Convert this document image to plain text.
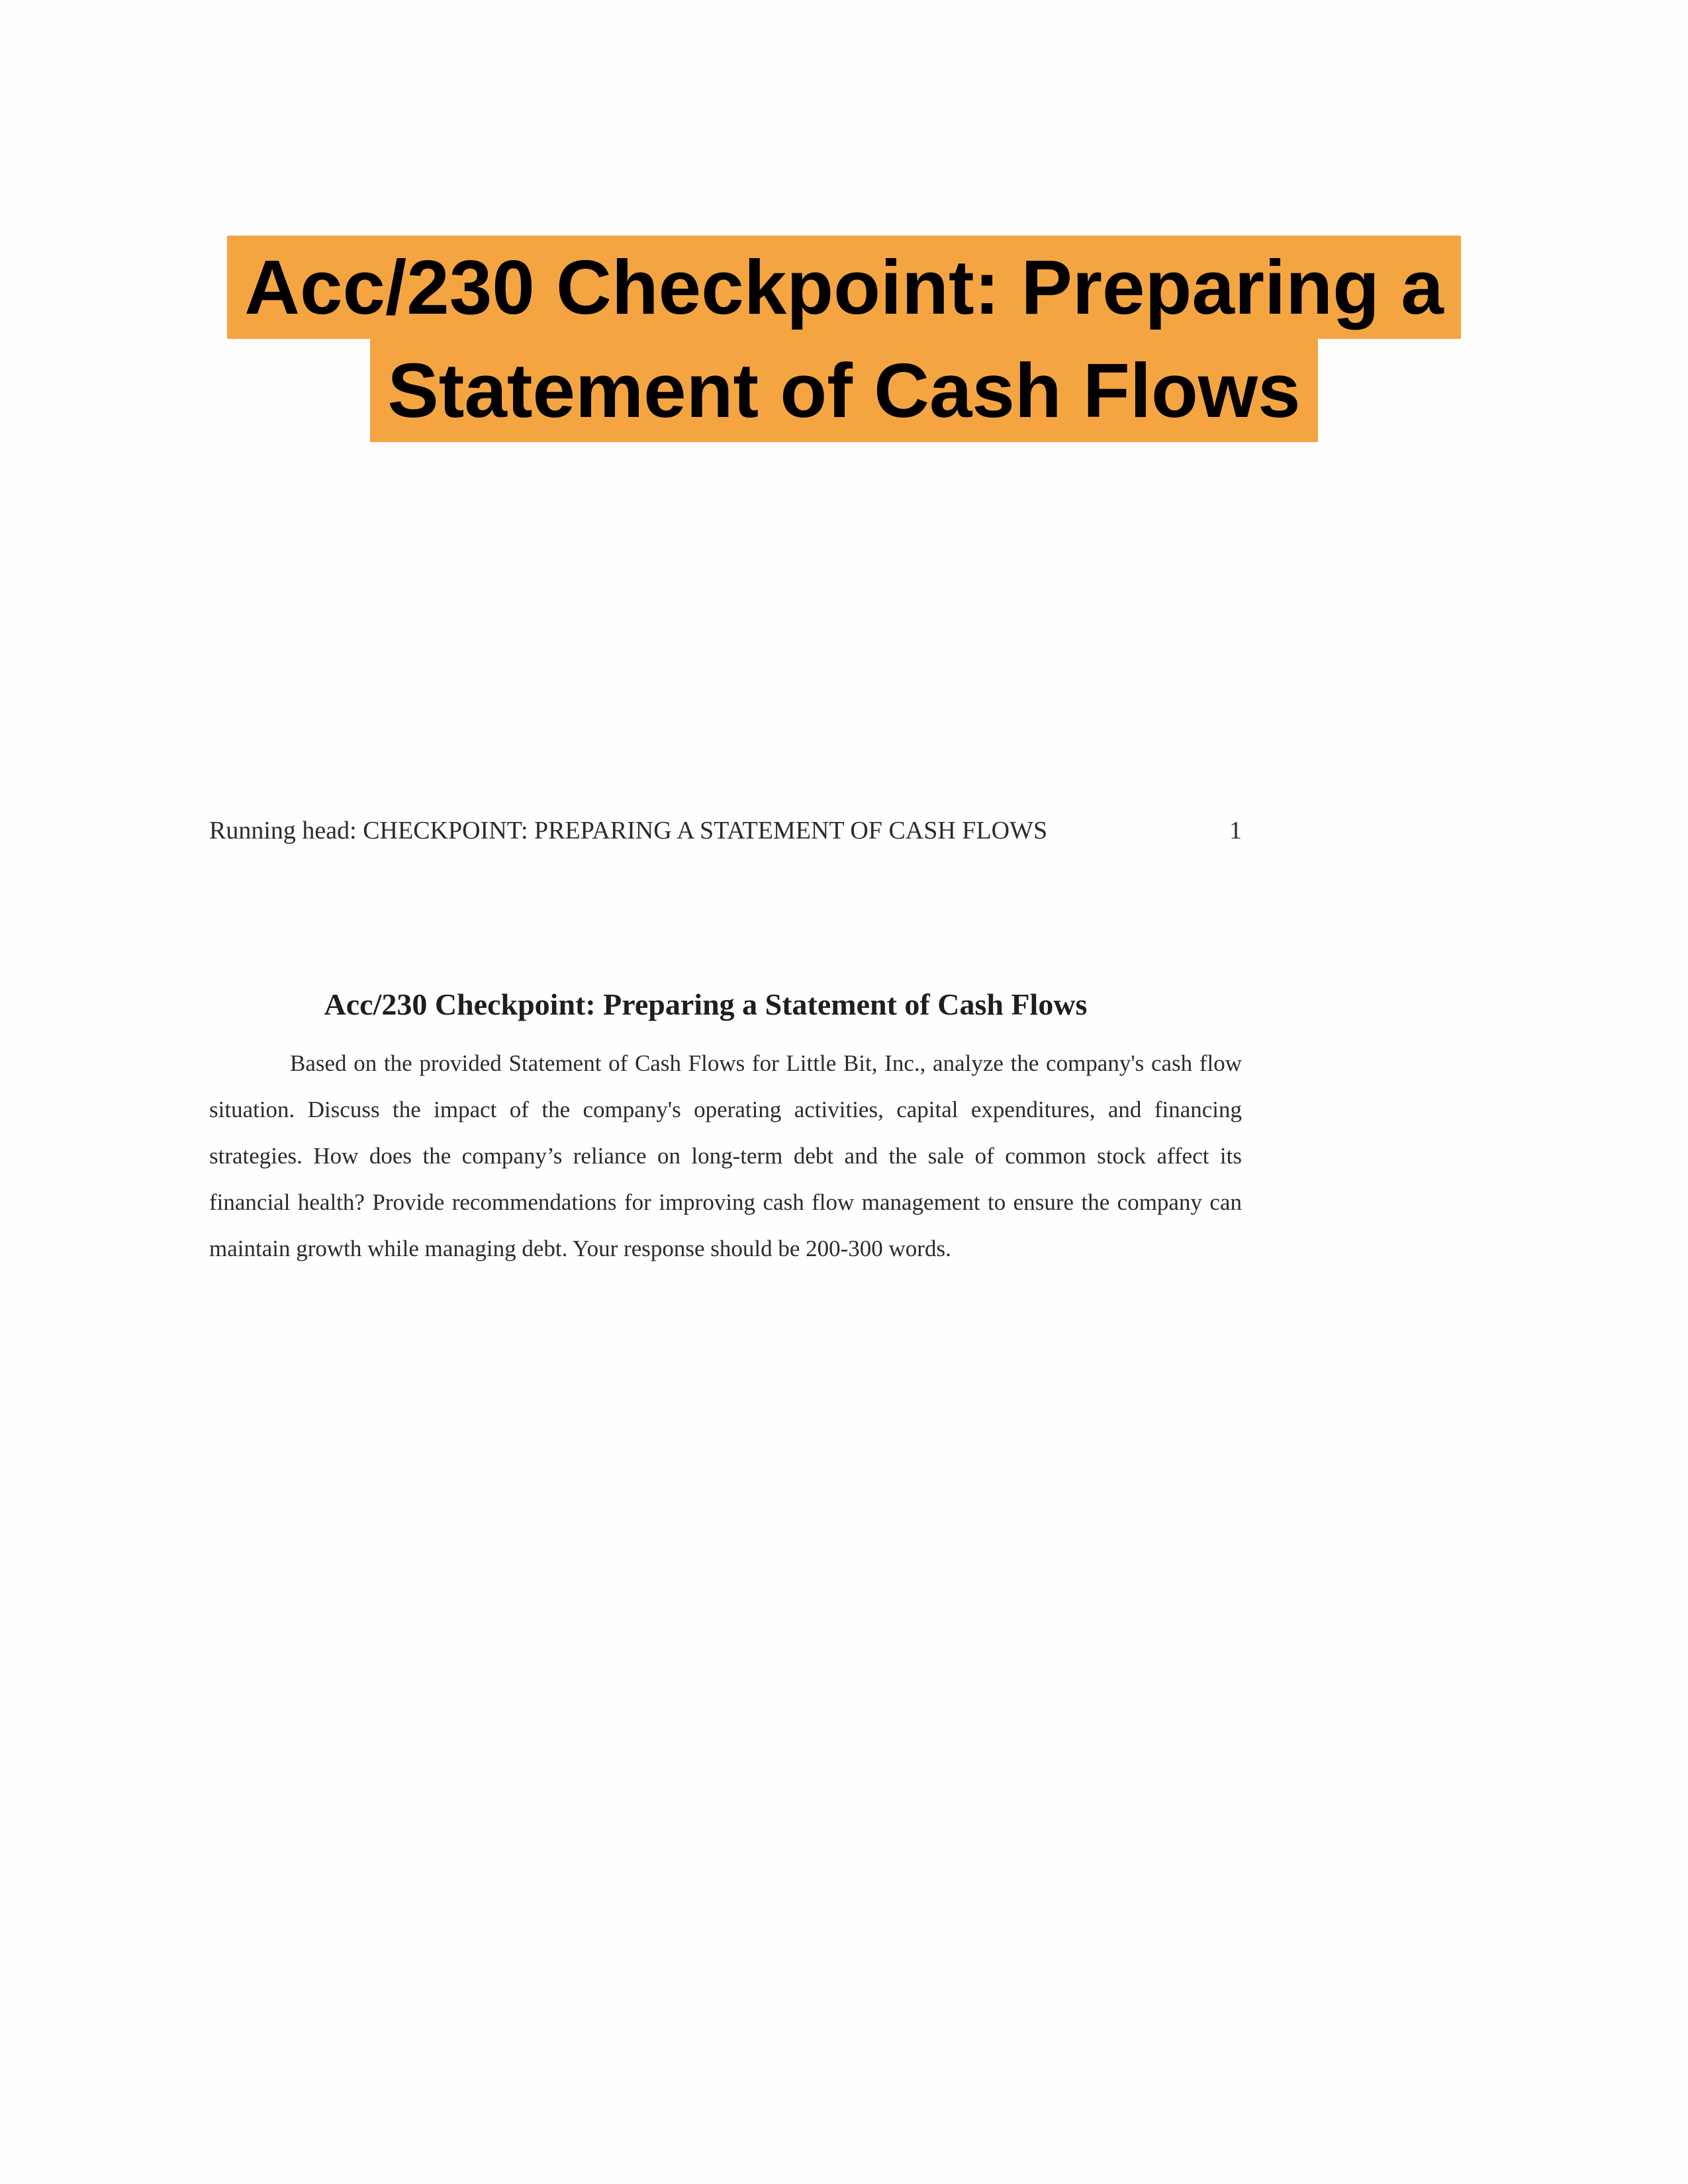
Acc/230 Checkpoint: Preparing a
Statement of Cash Flows
Running head: CHECKPOINT: PREPARING A STATEMENT OF CASH FLOWS	1
Acc/230 Checkpoint: Preparing a Statement of Cash Flows
Based on the provided Statement of Cash Flows for Little Bit, Inc., analyze the company's cash flow situation. Discuss the impact of the company's operating activities, capital expenditures, and financing strategies. How does the company’s reliance on long-term debt and the sale of common stock affect its financial health? Provide recommendations for improving cash flow management to ensure the company can maintain growth while managing debt. Your response should be 200-300 words.
